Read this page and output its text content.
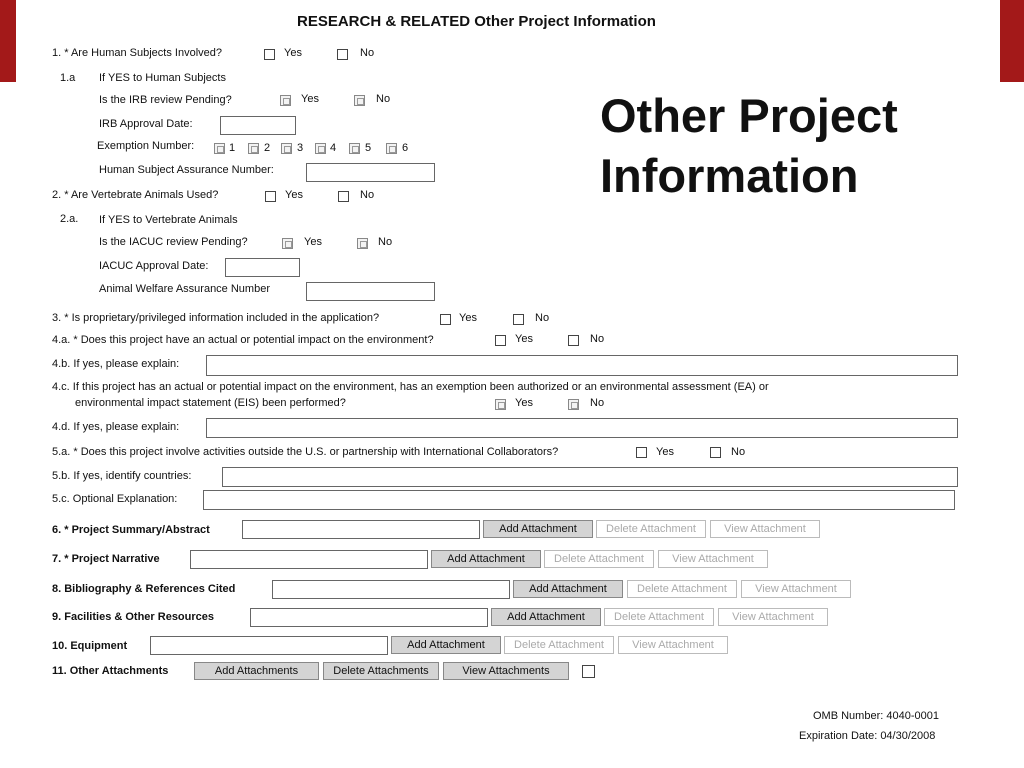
Other Project
Information
RESEARCH & RELATED Other Project Information
1. * Are Human Subjects Involved?	Yes	No
1.a If YES to Human Subjects
Is the IRB review Pending?	Yes	No
IRB Approval Date:
Exemption Number:	1	2 3 4	5	6
Human Subject Assurance Number:
2. * Are Vertebrate Animals Used?	Yes	No
2.a. If YES to Vertebrate Animals
Is the IACUC review Pending?	Yes	No
IACUC Approval Date:
Animal Welfare Assurance Number
3. * Is proprietary/privileged information included in the application?	Yes	No
4.a. * Does this project have an actual or potential impact on the environment?	Yes	No
4.b. If yes, please explain:
4.c. If this project has an actual or potential impact on the environment, has an exemption been authorized or an environmental assessment (EA) or
environmental impact statement (EIS) been performed?	Yes	No
4.d. If yes, please explain:
5.a. * Does this project involve activities outside the U.S. or partnership with International Collaborators?	Yes	No
5.b. If yes, identify countries:
5.c. Optional Explanation:
6. * Project Summary/Abstract	Add Attachment	Delete Attachment	View Attachment
7. * Project Narrative	Add Attachment	Delete Attachment	View Attachment
8. Bibliography & References Cited	Add Attachment	Delete Attachment	View Attachment
9. Facilities & Other Resources	Add Attachment	Delete Attachment	View Attachment
10. Equipment	Add Attachment	Delete Attachment	View Attachment
11. Other Attachments	Add Attachments	Delete Attachments	View Attachments
OMB Number: 4040-0001
Expiration Date: 04/30/2008
